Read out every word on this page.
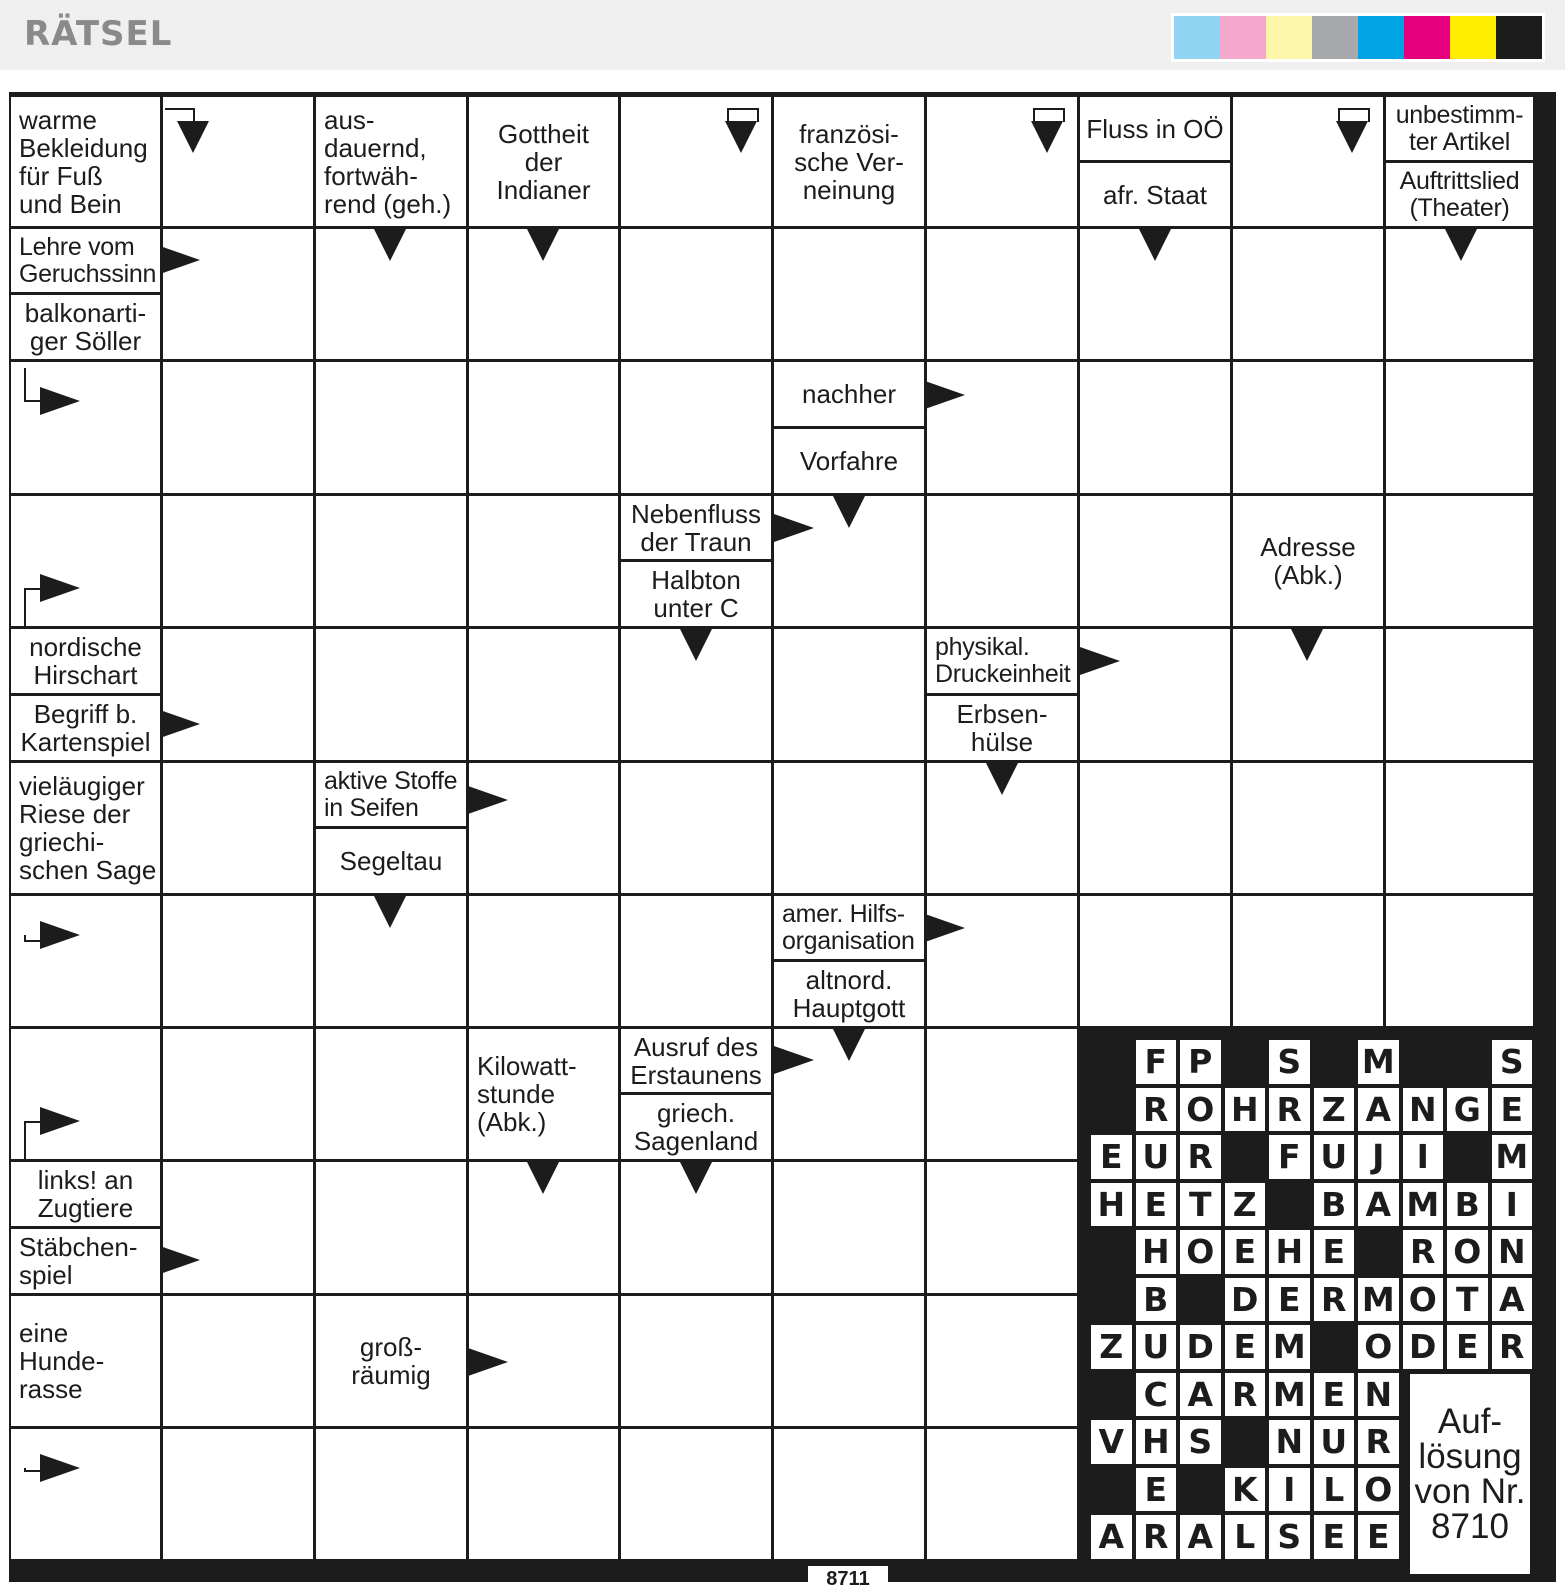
RÄTSEL
warme
Bekleidung
für Fuß
und Bein
aus-
dauernd,
fortwäh-
rend (geh.)
Gottheit
der
Indianer
französi-
sche Ver-
neinung
Fluss in OÖ
afr. Staat
unbestimm-
ter Artikel
Auftrittslied
(Theater)
Lehre vom
Geruchssinn
balkonarti-
ger Söller
nachher
Vorfahre
Nebenfluss
der Traun
Halbton
unter C
Adresse
(Abk.)
nordische
Hirschart
Begriff b.
Kartenspiel
physikal.
Druckeinheit
Erbsen-
hülse
vieläugiger
Riese der
griechi-
schen Sage
aktive Stoffe
in Seifen
Segeltau
amer. Hilfs-
organisation
altnord.
Hauptgott
Kilowatt-
stunde
(Abk.)
Ausruf des
Erstaunens
griech.
Sagenland
links! an
Zugtiere
Stäbchen-
spiel
eine
Hunde-
rasse
groß-
räumig
F P S M	S
R O H R Z A N G E
E U R F U J I	M
H E T Z B A M B I
H O E H E R O N
B D E R M O T A
Z U D E M O D E R
C A R M E N
V H S N U R
E K I L O
A R A L S E E
Auf-
lösung
von Nr.
8710
8711
